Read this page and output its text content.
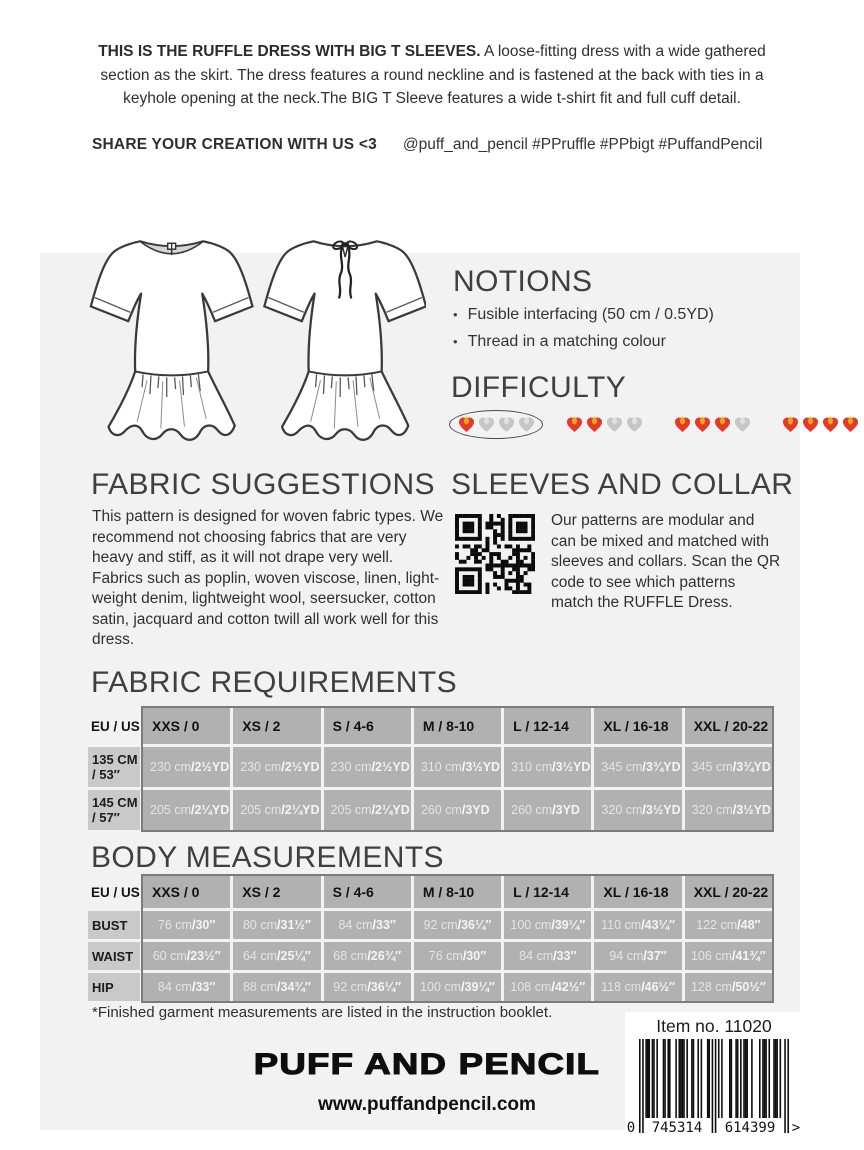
THIS IS THE RUFFLE DRESS WITH BIG T SLEEVES. A loose-fitting dress with a wide gathered section as the skirt. The dress features a round neckline and is fastened at the back with ties in a keyhole opening at the neck.The BIG T Sleeve features a wide t-shirt fit and full cuff detail.

SHARE YOUR CREATION WITH US <3 @puff_and_pencil #PPruffle #PPbigt #PuffandPencil

NOTIONS
• Fusible interfacing (50 cm / 0.5YD)
• Thread in a matching colour
DIFFICULTY
FABRIC SUGGESTIONS

This pattern is designed for woven fabric types. We recommend not choosing fabrics that are very heavy and stiff, as it will not drape very well. Fabrics such as poplin, woven viscose, linen, light-weight denim, lightweight wool, seersucker, cotton satin, jacquard and cotton twill all work well for this dress.

SLEEVES AND COLLAR

Our patterns are modular and can be mixed and matched with sleeves and collars. Scan the QR code to see which patterns match the RUFFLE Dress.

FABRIC REQUIREMENTS
EU / US XXS / 0	XS / 2	S / 4-6	M / 8-10	L / 12-14	XL / 16-18	XXL / 20-22
135 CM
/ 53″ 230 cm / 2½YD 230 cm / 2½YD 230 cm / 2½YD 310 cm / 3½YD 310 cm / 3½YD 345 cm / 3¾YD 345 cm / 3¾YD
145 CM
/ 57″ 205 cm / 2¼YD 205 cm / 2¼YD 205 cm / 2¼YD 260 cm / 3YD 260 cm / 3YD 320 cm / 3½YD 320 cm / 3½YD
BODY MEASUREMENTS
EU / US XXS / 0	XS / 2	S / 4-6	M / 8-10	L / 12-14	XL / 16-18	XXL / 20-22
BUST 76 cm / 30″ 80 cm / 31½″ 84 cm / 33″ 92 cm / 36¼″ 100 cm / 39¼″ 110 cm / 43¼″ 122 cm / 48″
WAIST 60 cm / 23½″ 64 cm / 25¼″ 68 cm / 26¾″ 76 cm / 30″	84 cm / 33″	94 cm / 37″ 106 cm / 41¾″
HIP	84 cm / 33″ 88 cm / 34¾″ 92 cm / 36¼″ 100 cm / 39¼″ 108 cm / 42½″ 118 cm / 46½″ 128 cm / 50½″

*Finished garment measurements are listed in the instruction booklet.

PUFF AND PENCIL
www.puffandpencil.com

Item no. 11020

0	745314	614399	>
